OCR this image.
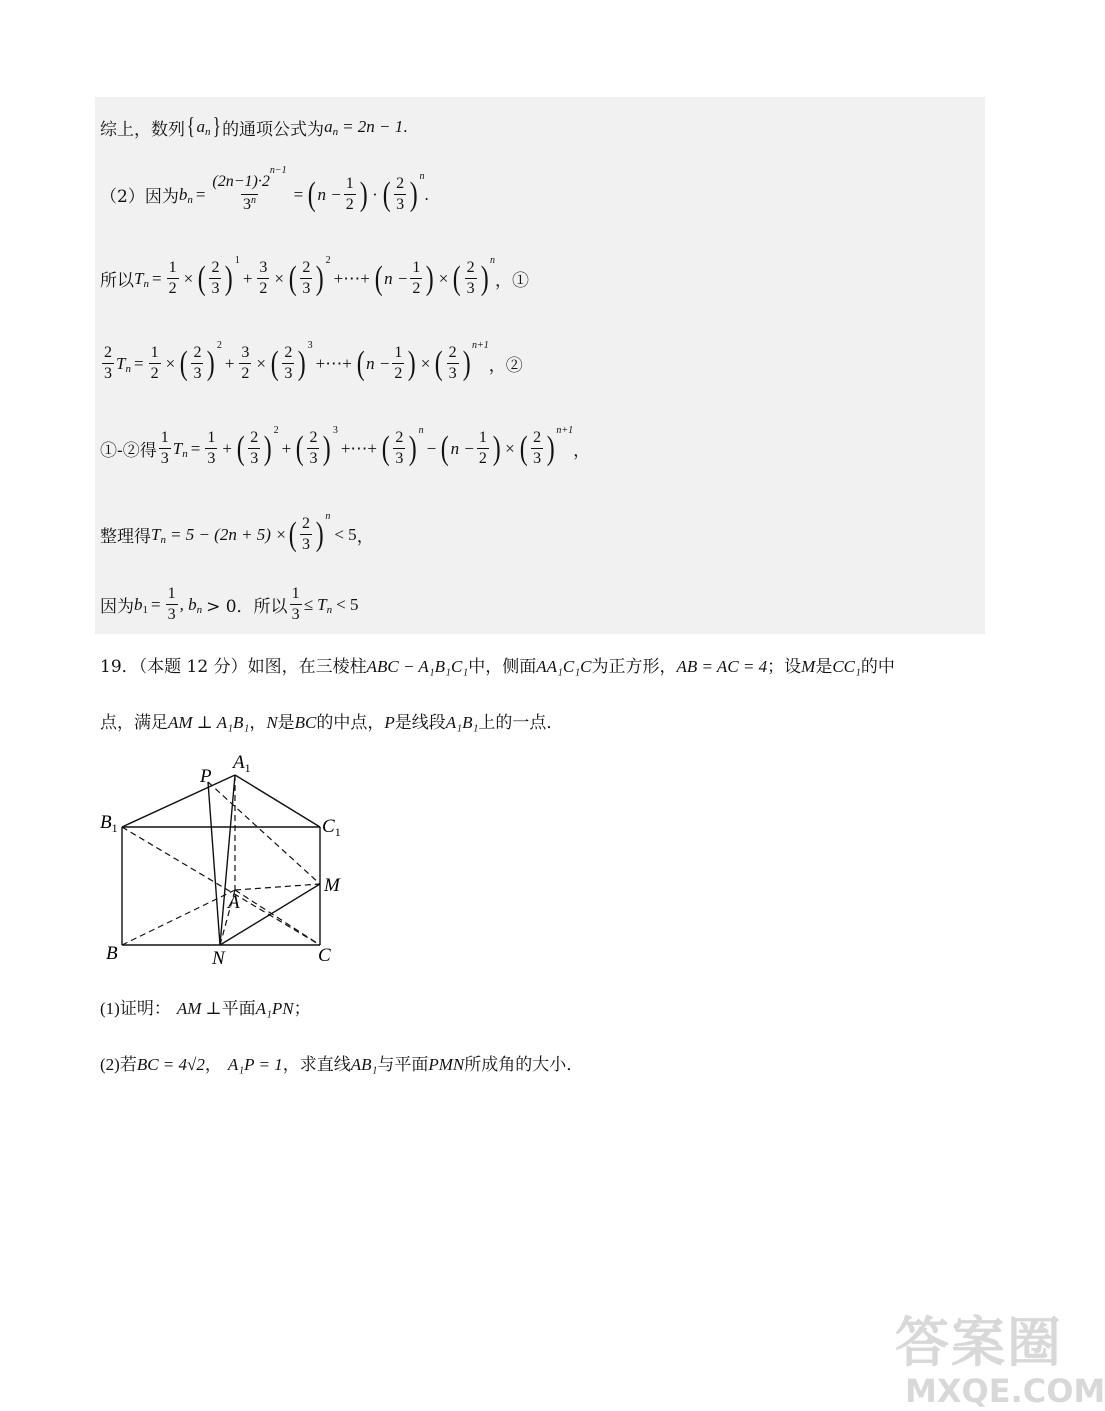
综上，数列 { a n } 的通项公式为 a n = 2n − 1 .
（2）因为 b $n = \frac{(2n-1)\cdot 2^{n-1}}{3^n}$ = ( $n - \frac{1}{2}$ ) · ( $\frac{2}{3}$ ) n
.
所以 T $n = \frac{1}{2}$ × ( $\frac{2}{3}$ ) 1
+ $\frac{3}{2}$ × ( $\frac{2}{3}$ ) 2
+⋯+ ( $n - \frac{1}{2}$ ) × ( $\frac{2}{3}$ ) n
，①
$\frac{2}{3}$ T $n = \frac{1}{2}$ × ( $\frac{2}{3}$ ) 2
+ $\frac{3}{2}$ × ( $\frac{2}{3}$ ) 3
+⋯+ ( $n - \frac{1}{2}$ ) × ( $\frac{2}{3}$ ) n+1
，②
①-②得 $\frac{1}{3}$ T $n = \frac{1}{3}$ + ( $\frac{2}{3}$ ) 2
+ ( $\frac{2}{3}$ ) 3
+⋯+ ( $\frac{2}{3}$ ) n
− ( $n - \frac{1}{2}$ ) × ( $\frac{2}{3}$ ) n+1
，
整理得 T n = 5 − (2n + 5) × ( $\frac{2}{3}$ ) n
< 5 ，
因为 b $1 = \frac{1}{3}$ , b n > 0．所以 $\frac{1}{3} \le T$ n < 5
19．（本题 12 分）如图，在三棱柱ABC − A₁B₁C₁中，侧面AA₁C₁C为正方形，AB = AC = 4；设M是CC₁的中
点，满足AM ⊥ A₁B₁，N是BC的中点，P是线段A₁B₁上的一点．
$A_1$
P
$B_1$	$C_1$
M
A
B	N	C
(1)证明： AM ⊥平面A₁PN；
(2)若BC = 4√2， A₁P = 1，求直线AB₁与平面PMN所成角的大小．
答案圈
MXQE.COM
